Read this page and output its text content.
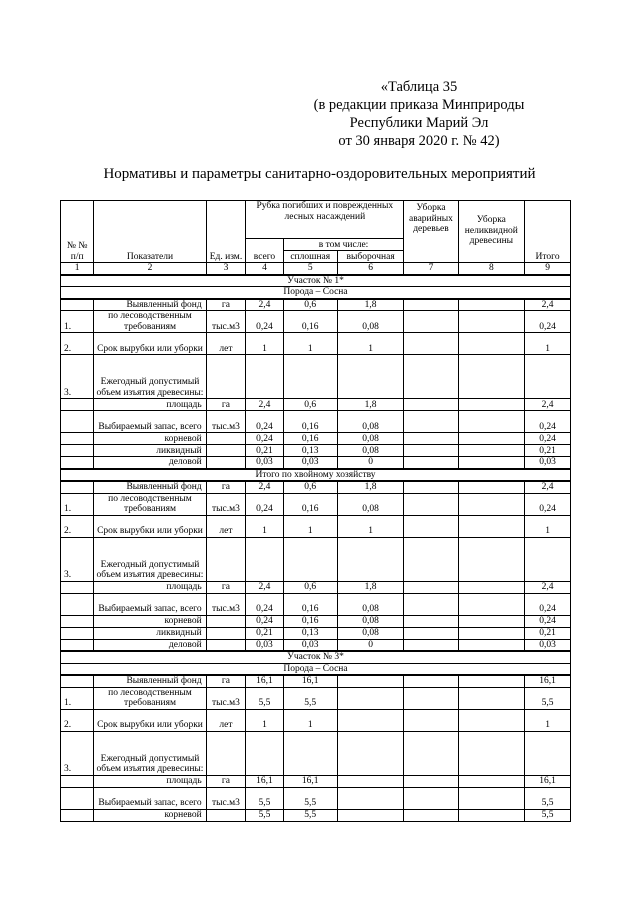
«Таблица 35
(в редакции приказа Минприроды
Республики Марий Эл
от 30 января 2020 г. № 42)
Нормативы и параметры санитарно-оздоровительных мероприятий
№ № п/п	Показатели	Ед. изм.	Рубка погибших и поврежденных лесных насаждений			Уборка аварийных деревьев	Уборка неликвидной древесины	Итого
			всего	в том числе:				
				сплошная	выборочная			
1	2	3	4	5	6	7	8	9
Участок № 1*								
Порода – Сосна								
	Выявленный фонд	га	2,4	0,6	1,8			2,4
1.	по лесоводственным требованиям	тыс.м3	0,24	0,16	0,08			0,24
2.	Срок вырубки или уборки	лет	1	1	1			1
3.	Ежегодный допустимый объем изъятия древесины:							
	площадь	га	2,4	0,6	1,8			2,4
	Выбираемый запас, всего	тыс.м3	0,24	0,16	0,08			0,24
	корневой		0,24	0,16	0,08			0,24
	ликвидный		0,21	0,13	0,08			0,21
	деловой		0,03	0,03	0			0,03
Итого по хвойному хозяйству								
	Выявленный фонд	га	2,4	0,6	1,8			2,4
1.	по лесоводственным требованиям	тыс.м3	0,24	0,16	0,08			0,24
2.	Срок вырубки или уборки	лет	1	1	1			1
3.	Ежегодный допустимый объем изъятия древесины:							
	площадь	га	2,4	0,6	1,8			2,4
	Выбираемый запас, всего	тыс.м3	0,24	0,16	0,08			0,24
	корневой		0,24	0,16	0,08			0,24
	ликвидный		0,21	0,13	0,08			0,21
	деловой		0,03	0,03	0			0,03
Участок № 3*								
Порода – Сосна								
	Выявленный фонд	га	16,1	16,1				16,1
1.	по лесоводственным требованиям	тыс.м3	5,5	5,5				5,5
2.	Срок вырубки или уборки	лет	1	1				1
3.	Ежегодный допустимый объем изъятия древесины:							
	площадь	га	16,1	16,1				16,1
	Выбираемый запас, всего	тыс.м3	5,5	5,5				5,5
	корневой		5,5	5,5				5,5
